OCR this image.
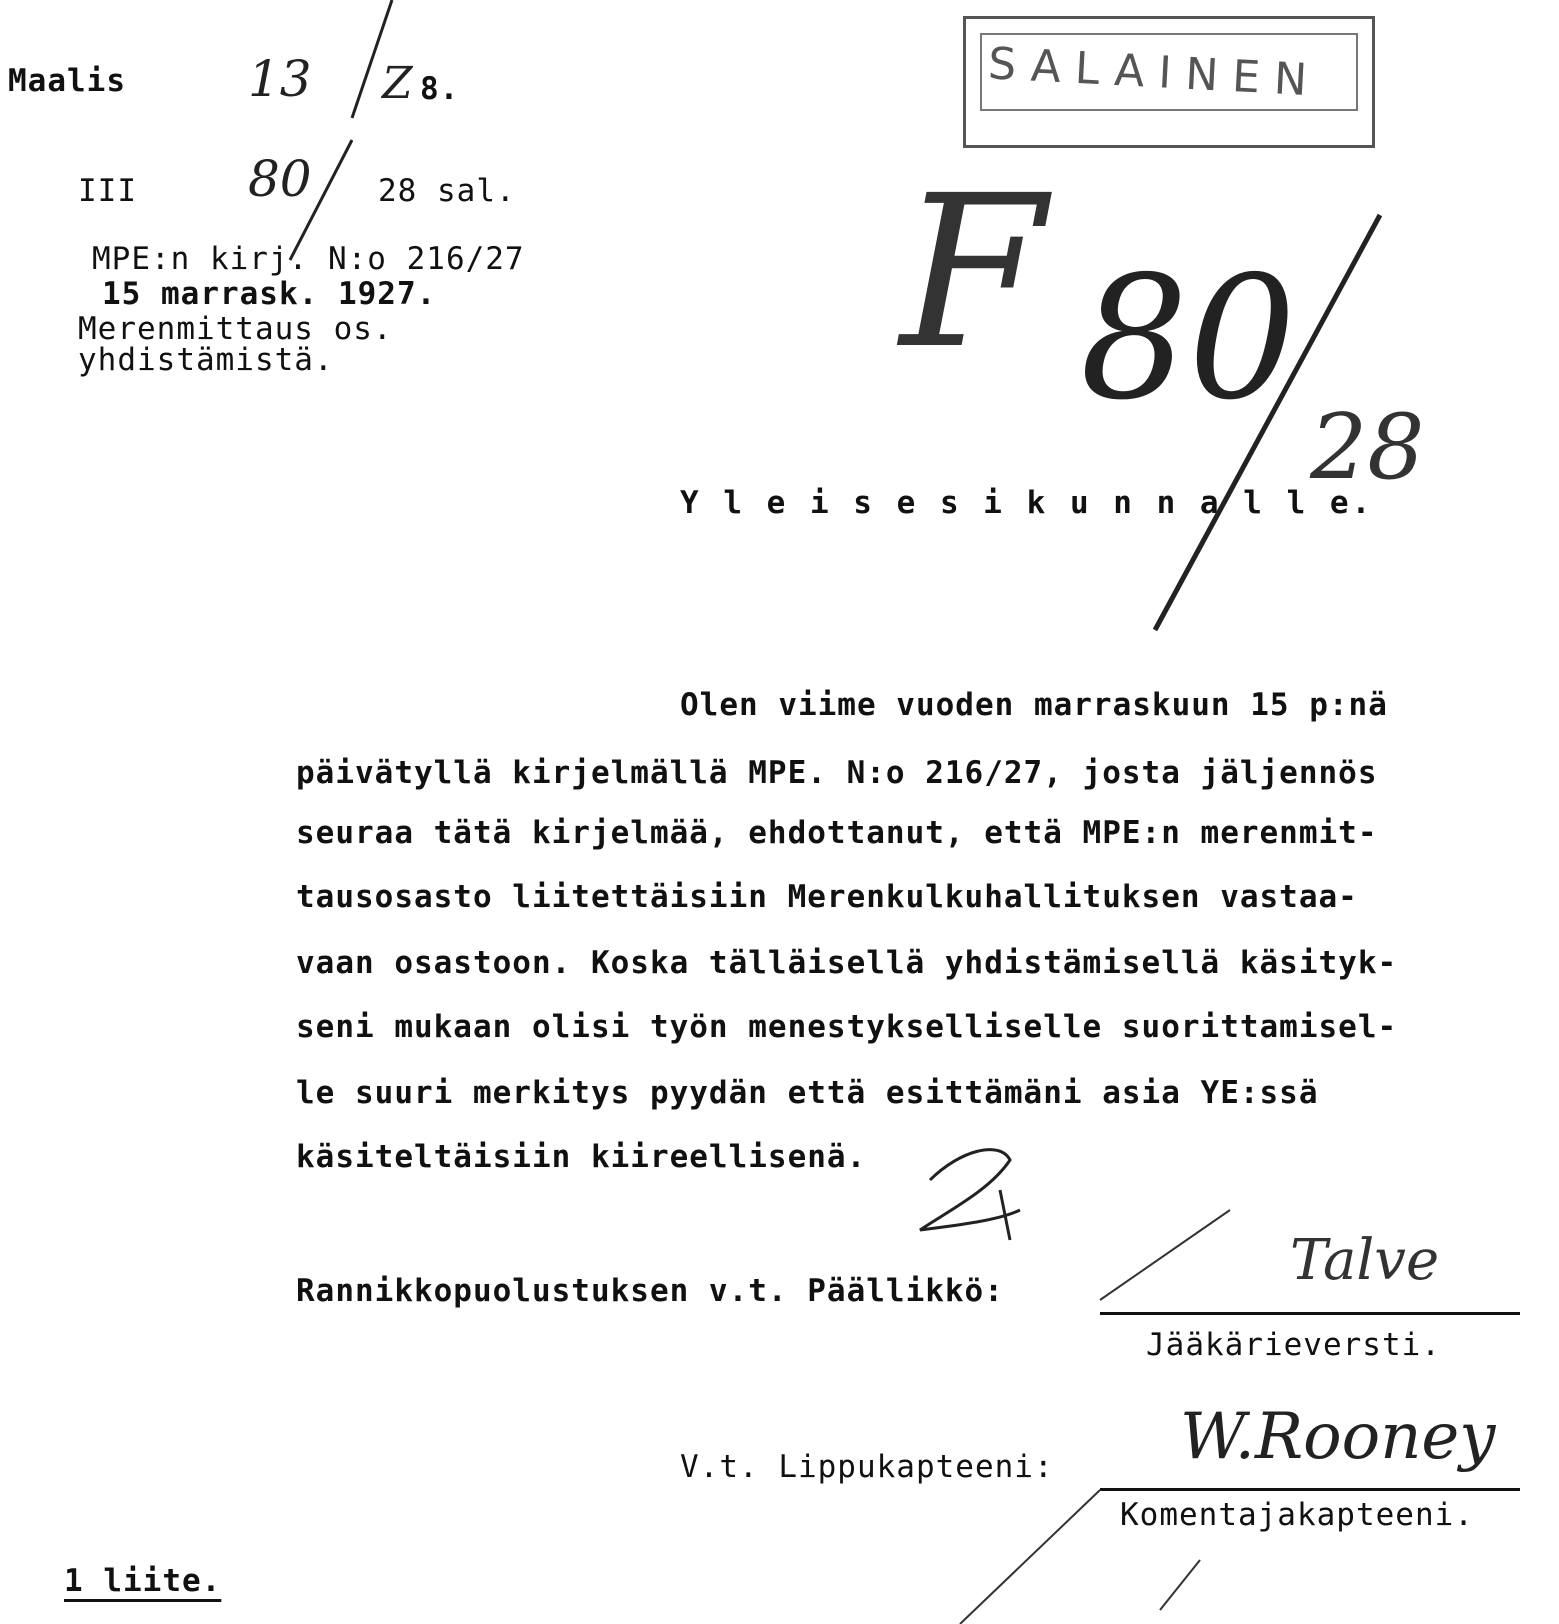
Maalis 13 Z 8.
III 80 28 sal.
MPE:n kirj. N:o 216/27
15 marrask. 1927.
Merenmittaus os.
yhdistämistä.
SALAINEN
F 80
28
Y l e i s e s i k u n n a l l e.
Olen viime vuoden marraskuun 15 p:nä
päivätyllä kirjelmällä MPE. N:o 216/27, josta jäljennös
seuraa tätä kirjelmää, ehdottanut, että MPE:n merenmit-
tausosasto liitettäisiin Merenkulkuhallituksen vastaa-
vaan osastoon. Koska tälläisellä yhdistämisellä käsityk-
seni mukaan olisi työn menestykselliselle suorittamisel-
le suuri merkitys pyydän että esittämäni asia YE:ssä
käsiteltäisiin kiireellisenä.
Rannikkopuolustuksen v.t. Päällikkö:	Talve
Jääkärieversti.
V.t. Lippukapteeni: W.Rooney
Komentajakapteeni.
1 liite.
